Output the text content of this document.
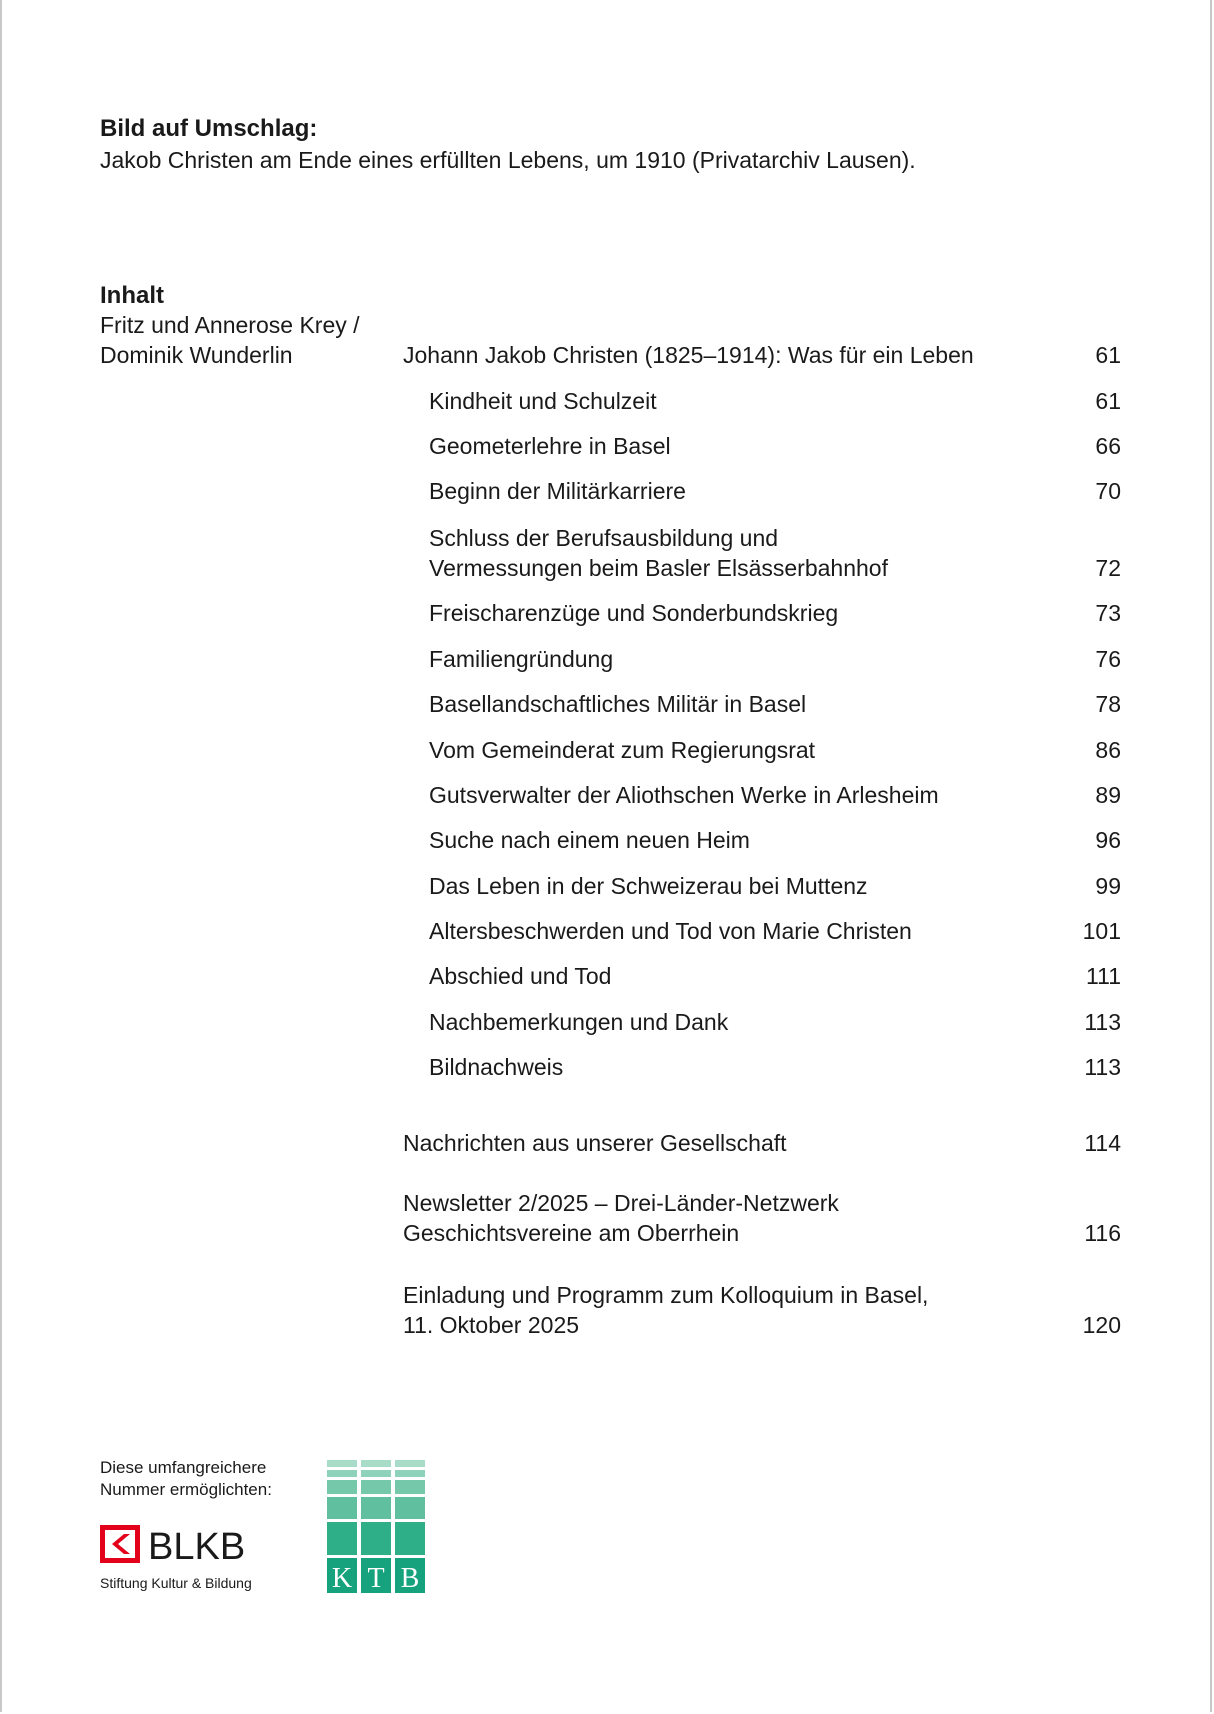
Bild auf Umschlag:
Jakob Christen am Ende eines erfüllten Lebens, um 1910 (Privatarchiv Lausen).
Inhalt
Fritz und Annerose Krey /
Dominik Wunderlin	Johann Jakob Christen (1825–1914): Was für ein Leben	61
Kindheit und Schulzeit	61
Geometerlehre in Basel	66
Beginn der Militärkarriere	70
Schluss der Berufsausbildung und
Vermessungen beim Basler Elsässerbahnhof	72
Freischarenzüge und Sonderbundskrieg	73
Familiengründung	76
Basellandschaftliches Militär in Basel	78
Vom Gemeinderat zum Regierungsrat	86
Gutsverwalter der Aliothschen Werke in Arlesheim	89
Suche nach einem neuen Heim	96
Das Leben in der Schweizerau bei Muttenz	99
Altersbeschwerden und Tod von Marie Christen	101
Abschied und Tod	111
Nachbemerkungen und Dank	113
Bildnachweis	113
Nachrichten aus unserer Gesellschaft	114
Newsletter 2/2025 – Drei-Länder-Netzwerk
Geschichtsvereine am Oberrhein	116
Einladung und Programm zum Kolloquium in Basel,
11. Oktober 2025	120
Diese umfangreichere
Nummer ermöglichten:
BLKB
Stiftung Kultur & Bildung	K T B
